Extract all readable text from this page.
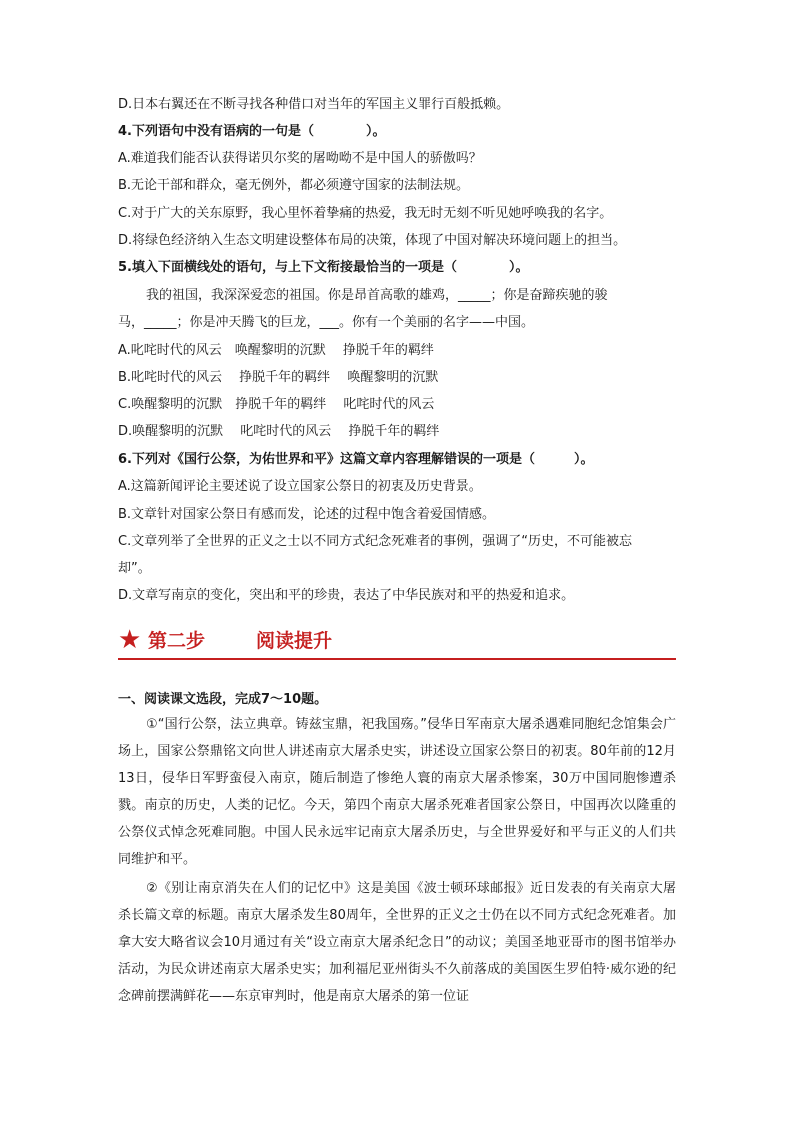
D.日本右翼还在不断寻找各种借口对当年的军国主义罪行百般抵赖。
4.下列语句中没有语病的一句是（　　　　）。
A.难道我们能否认获得诺贝尔奖的屠呦呦不是中国人的骄傲吗？
B.无论干部和群众，毫无例外，都必须遵守国家的法制法规。
C.对于广大的关东原野，我心里怀着挚痛的热爱，我无时无刻不听见她呼唤我的名字。
D.将绿色经济纳入生态文明建设整体布局的决策，体现了中国对解决环境问题上的担当。
5.填入下面横线处的语句，与上下文衔接最恰当的一项是（　　　　）。
我的祖国，我深深爱恋的祖国。你是昂首高歌的雄鸡，_____；你是奋蹄疾驰的骏
马，_____；你是冲天腾飞的巨龙，___。你有一个美丽的名字——中国。
A.叱咤时代的风云　唤醒黎明的沉默　 挣脱千年的羁绊
B.叱咤时代的风云　 挣脱千年的羁绊　 唤醒黎明的沉默
C.唤醒黎明的沉默　挣脱千年的羁绊　 叱咤时代的风云
D.唤醒黎明的沉默　 叱咤时代的风云　 挣脱千年的羁绊
6.下列对《国行公祭，为佑世界和平》这篇文章内容理解错误的一项是（　　　）。
A.这篇新闻评论主要述说了设立国家公祭日的初衷及历史背景。
B.文章针对国家公祭日有感而发，论述的过程中饱含着爱国情感。
C.文章列举了全世界的正义之士以不同方式纪念死难者的事例，强调了“历史，不可能被忘
却”。
D.文章写南京的变化，突出和平的珍贵，表达了中华民族对和平的热爱和追求。
★ 第二步	阅读提升
一、阅读课文选段，完成7～10题。
①“国行公祭，法立典章。铸兹宝鼎，祀我国殇。”侵华日军南京大屠杀遇难同胞纪念馆集会广场上，国家公祭鼎铭文向世人讲述南京大屠杀史实，讲述设立国家公祭日的初衷。80年前的12月13日，侵华日军野蛮侵入南京，随后制造了惨绝人寰的南京大屠杀惨案，30万中国同胞惨遭杀戮。南京的历史，人类的记忆。今天，第四个南京大屠杀死难者国家公祭日，中国再次以隆重的公祭仪式悼念死难同胞。中国人民永远牢记南京大屠杀历史，与全世界爱好和平与正义的人们共同维护和平。
②《别让南京消失在人们的记忆中》这是美国《波士顿环球邮报》近日发表的有关南京大屠杀长篇文章的标题。南京大屠杀发生80周年，全世界的正义之士仍在以不同方式纪念死难者。加拿大安大略省议会10月通过有关“设立南京大屠杀纪念日”的动议；美国圣地亚哥市的图书馆举办活动，为民众讲述南京大屠杀史实；加利福尼亚州街头不久前落成的美国医生罗伯特·威尔逊的纪念碑前摆满鲜花——东京审判时，他是南京大屠杀的第一位证
